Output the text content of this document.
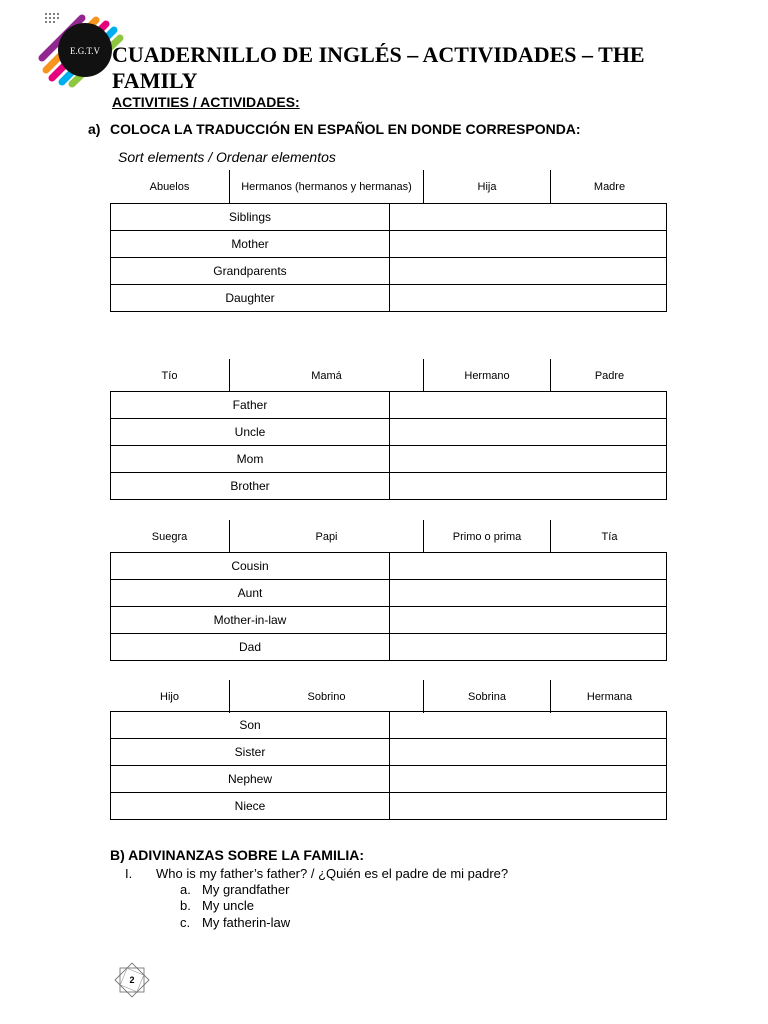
E.G.T.V CUADERNILLO DE INGLÉS – ACTIVIDADES – THE FAMILY
ACTIVITIES / ACTIVIDADES:
a) COLOCA LA TRADUCCIÓN EN ESPAÑOL EN DONDE CORRESPONDA:
Sort elements / Ordenar elementos
Abuelos	Hermanos (hermanos y hermanas)	Hija	Madre
Siblings	
Mother	
Grandparents	
Daughter	
Tío	Mamá	Hermano	Padre
Father	
Uncle	
Mom	
Brother	
Suegra	Papi	Primo o prima	Tía
Cousin	
Aunt	
Mother-in-law	
Dad	
Hijo	Sobrino	Sobrina	Hermana
Son	
Sister	
Nephew	
Niece	
B) ADIVINANZAS SOBRE LA FAMILIA:
I. Who is my father’s father? / ¿Quién es el padre de mi padre?
a. My grandfather
b. My uncle
c. My fatherin-law
2
